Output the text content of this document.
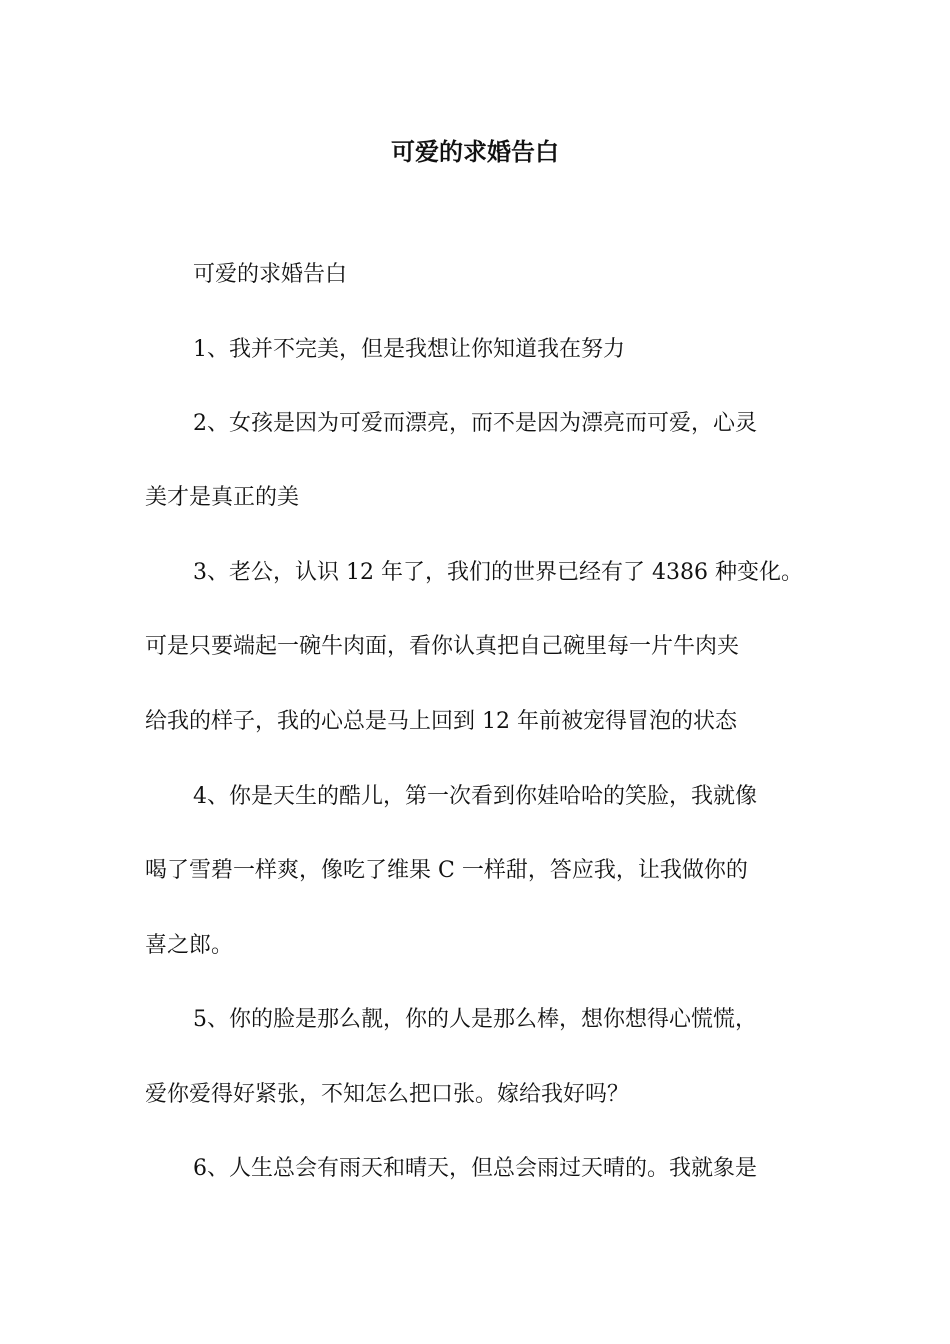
可爱的求婚告白
可爱的求婚告白
1、我并不完美，但是我想让你知道我在努力
2、女孩是因为可爱而漂亮，而不是因为漂亮而可爱，心灵
美才是真正的美
3、老公，认识 12 年了，我们的世界已经有了 4386 种变化。
可是只要端起一碗牛肉面，看你认真把自己碗里每一片牛肉夹
给我的样子，我的心总是马上回到 12 年前被宠得冒泡的状态
4、你是天生的酷儿，第一次看到你娃哈哈的笑脸，我就像
喝了雪碧一样爽，像吃了维果 C 一样甜，答应我，让我做你的
喜之郎。
5、你的脸是那么靓，你的人是那么棒，想你想得心慌慌，
爱你爱得好紧张，不知怎么把口张。嫁给我好吗？
6、人生总会有雨天和晴天，但总会雨过天晴的。我就象是
